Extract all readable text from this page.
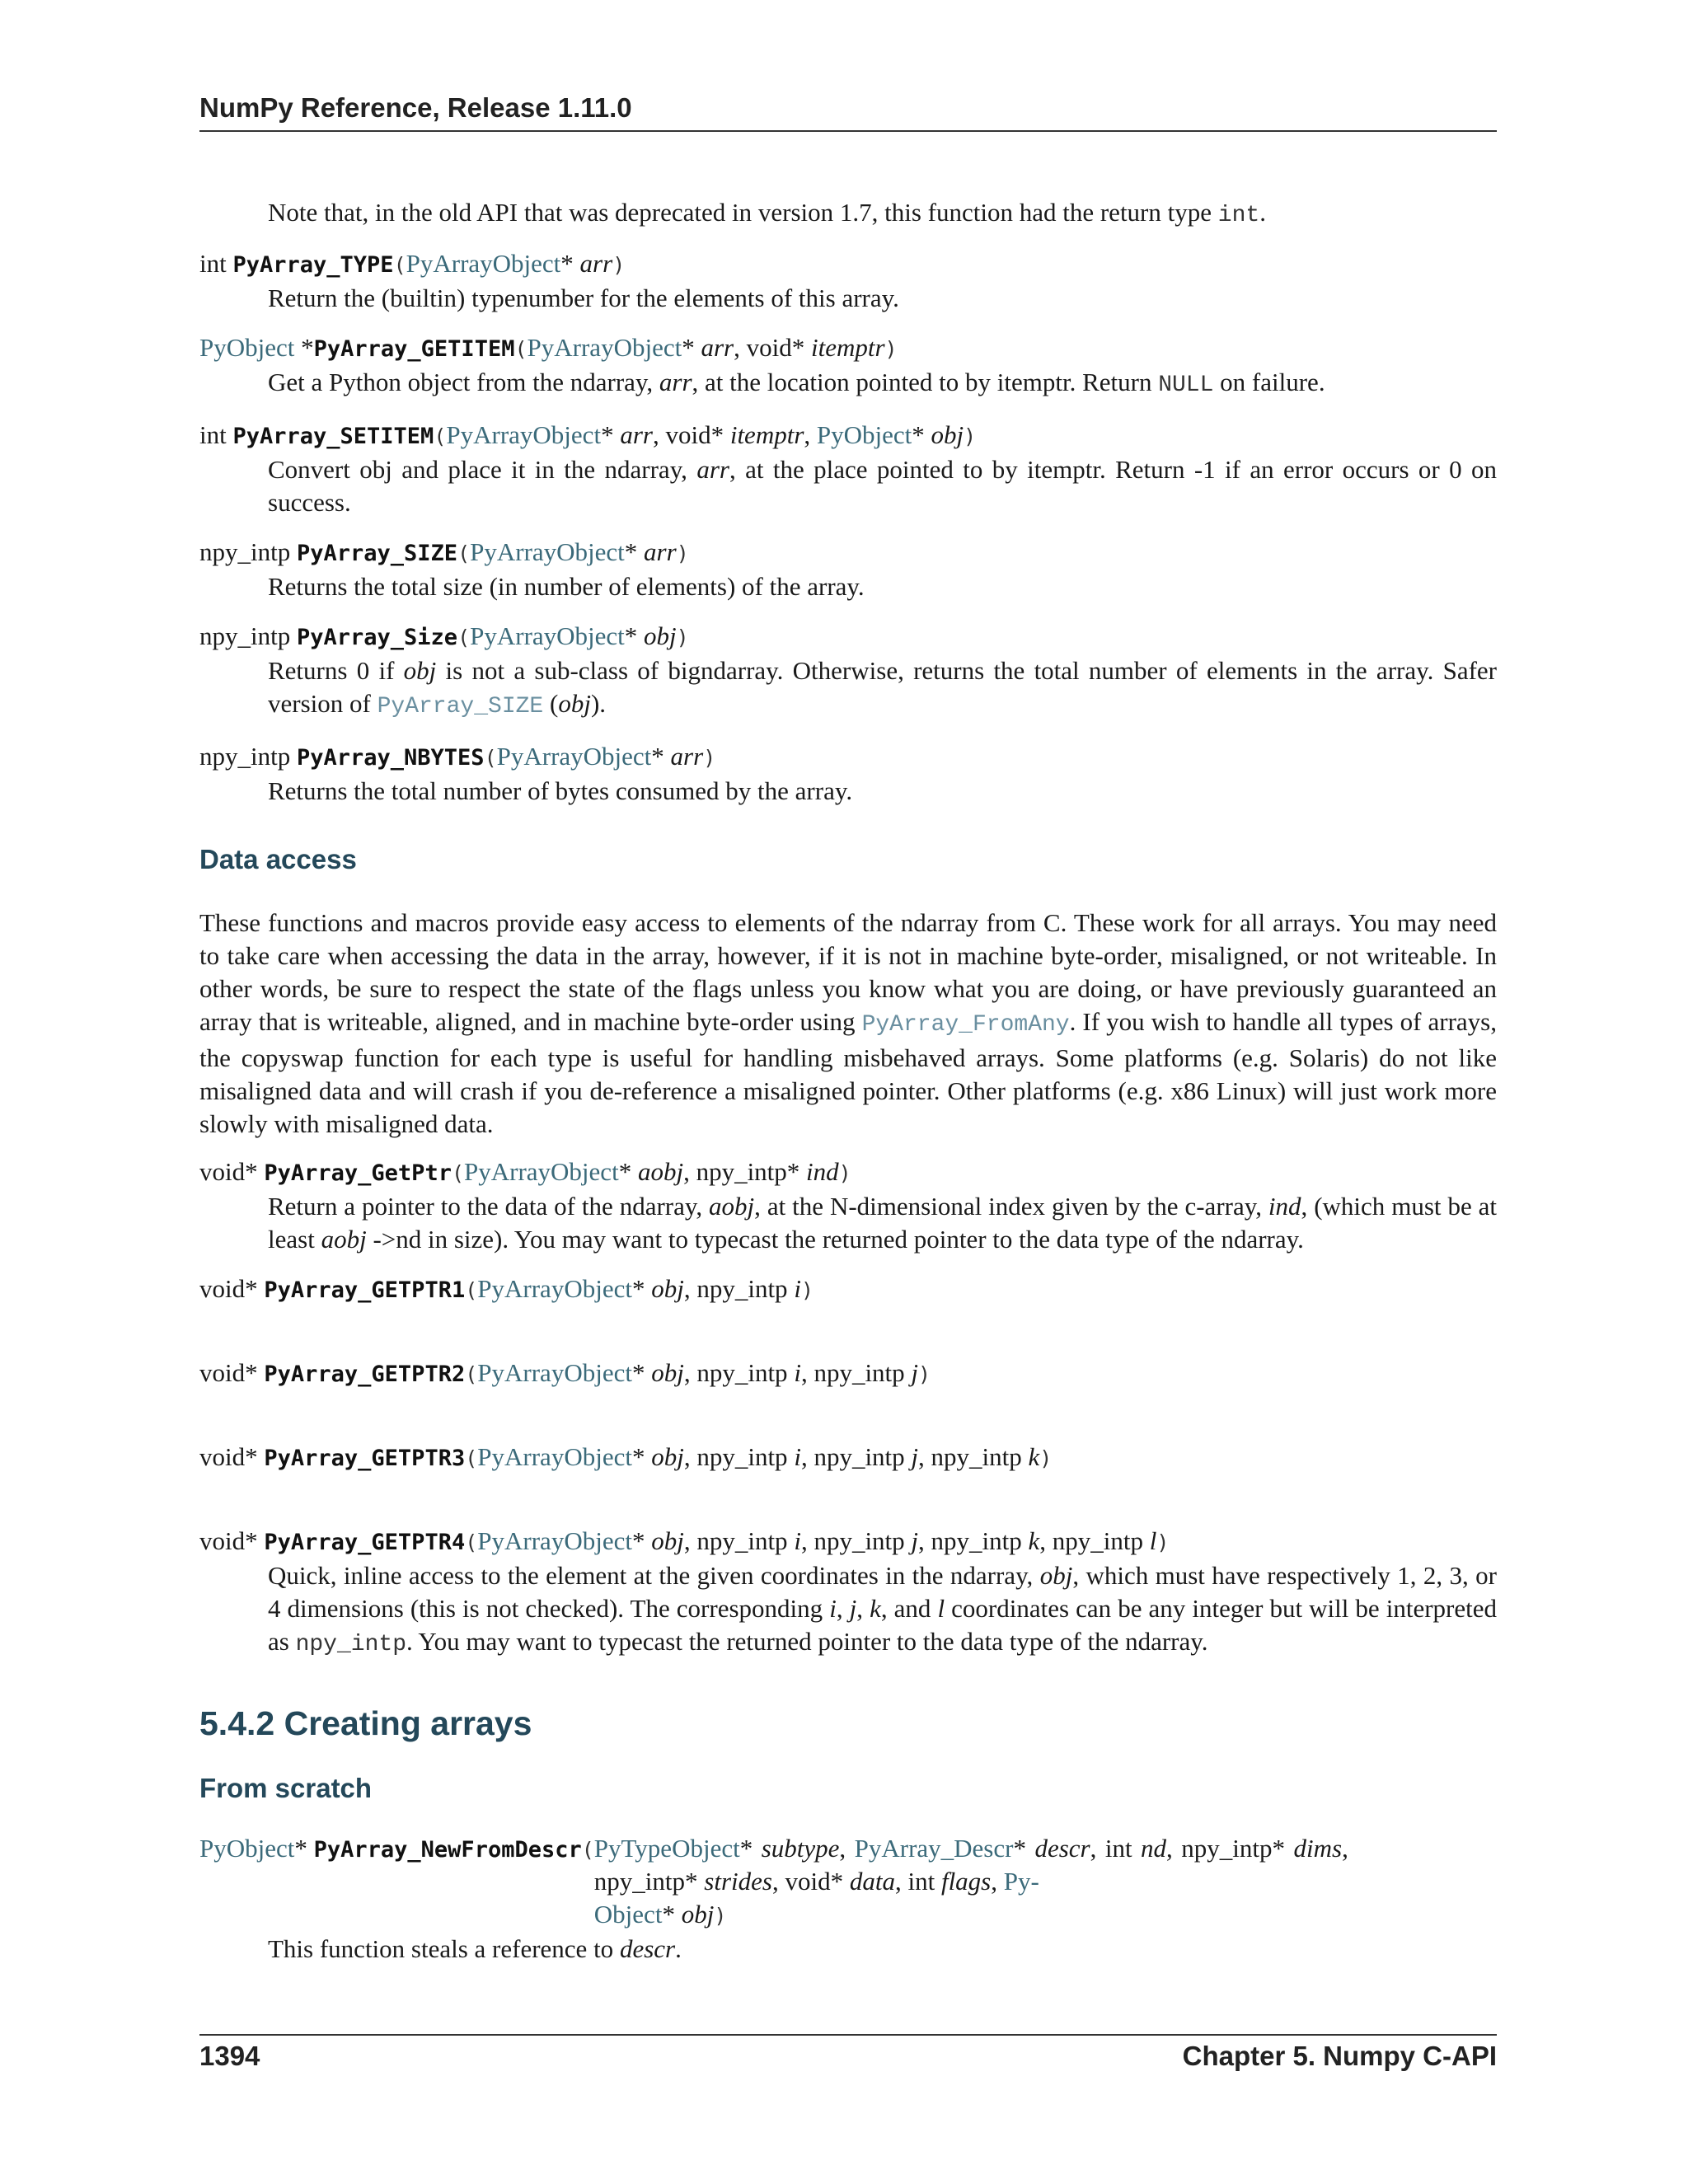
NumPy Reference, Release 1.11.0
Note that, in the old API that was deprecated in version 1.7, this function had the return type int.
int PyArray_TYPE(PyArrayObject* arr)
Return the (builtin) typenumber for the elements of this array.
PyObject *PyArray_GETITEM(PyArrayObject* arr, void* itemptr)
Get a Python object from the ndarray, arr, at the location pointed to by itemptr. Return NULL on failure.
int PyArray_SETITEM(PyArrayObject* arr, void* itemptr, PyObject* obj)
Convert obj and place it in the ndarray, arr, at the place pointed to by itemptr. Return -1 if an error occurs or 0 on success.
npy_intp PyArray_SIZE(PyArrayObject* arr)
Returns the total size (in number of elements) of the array.
npy_intp PyArray_Size(PyArrayObject* obj)
Returns 0 if obj is not a sub-class of bigndarray. Otherwise, returns the total number of elements in the array. Safer version of PyArray_SIZE (obj).
npy_intp PyArray_NBYTES(PyArrayObject* arr)
Returns the total number of bytes consumed by the array.
Data access
These functions and macros provide easy access to elements of the ndarray from C. These work for all arrays. You may need to take care when accessing the data in the array, however, if it is not in machine byte-order, misaligned, or not writeable. In other words, be sure to respect the state of the flags unless you know what you are doing, or have previously guaranteed an array that is writeable, aligned, and in machine byte-order using PyArray_FromAny. If you wish to handle all types of arrays, the copyswap function for each type is useful for handling misbehaved arrays. Some platforms (e.g. Solaris) do not like misaligned data and will crash if you de-reference a misaligned pointer. Other platforms (e.g. x86 Linux) will just work more slowly with misaligned data.
void* PyArray_GetPtr(PyArrayObject* aobj, npy_intp* ind)
Return a pointer to the data of the ndarray, aobj, at the N-dimensional index given by the c-array, ind, (which must be at least aobj ->nd in size). You may want to typecast the returned pointer to the data type of the ndarray.
void* PyArray_GETPTR1(PyArrayObject* obj, npy_intp i)
void* PyArray_GETPTR2(PyArrayObject* obj, npy_intp i, npy_intp j)
void* PyArray_GETPTR3(PyArrayObject* obj, npy_intp i, npy_intp j, npy_intp k)
void* PyArray_GETPTR4(PyArrayObject* obj, npy_intp i, npy_intp j, npy_intp k, npy_intp l)
Quick, inline access to the element at the given coordinates in the ndarray, obj, which must have respectively 1, 2, 3, or 4 dimensions (this is not checked). The corresponding i, j, k, and l coordinates can be any integer but will be interpreted as npy_intp. You may want to typecast the returned pointer to the data type of the ndarray.
5.4.2 Creating arrays
From scratch
PyObject* PyArray_NewFromDescr( PyTypeObject* subtype, PyArray_Descr* descr, int nd, npy_intp* dims, npy_intp* strides, void* data, int flags, Py-
Object* obj)
This function steals a reference to descr.
1394	Chapter 5. Numpy C-API
